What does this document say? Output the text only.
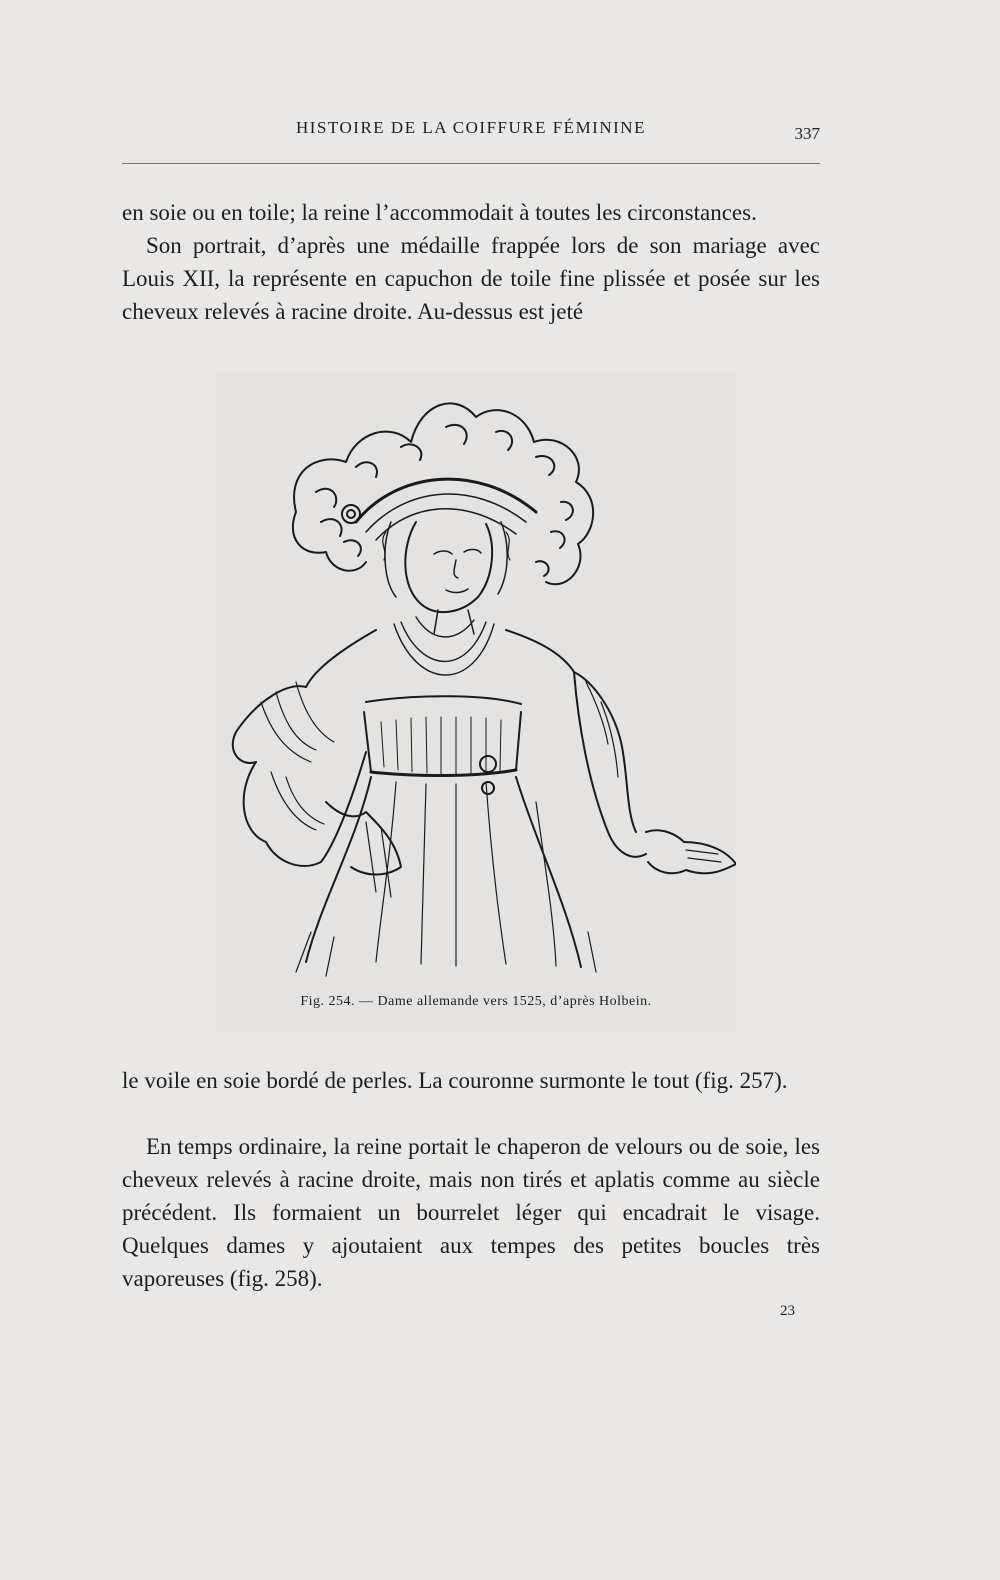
HISTOIRE DE LA COIFFURE FÉMININE	337

en soie ou en toile; la reine l’accommodait à toutes les circonstances.

Son portrait, d’après une médaille frappée lors de son mariage avec Louis XII, la représente en capuchon de toile fine plissée et posée sur les cheveux relevés à racine droite. Au-dessus est jeté

Fig. 254. — Dame allemande vers 1525, d’après Holbein.

le voile en soie bordé de perles. La couronne surmonte le tout (fig. 257).

En temps ordinaire, la reine portait le chaperon de velours ou de soie, les cheveux relevés à racine droite, mais non tirés et aplatis comme au siècle précédent. Ils formaient un bourrelet léger qui encadrait le visage. Quelques dames y ajoutaient aux tempes des petites boucles très vaporeuses (fig. 258).

23
